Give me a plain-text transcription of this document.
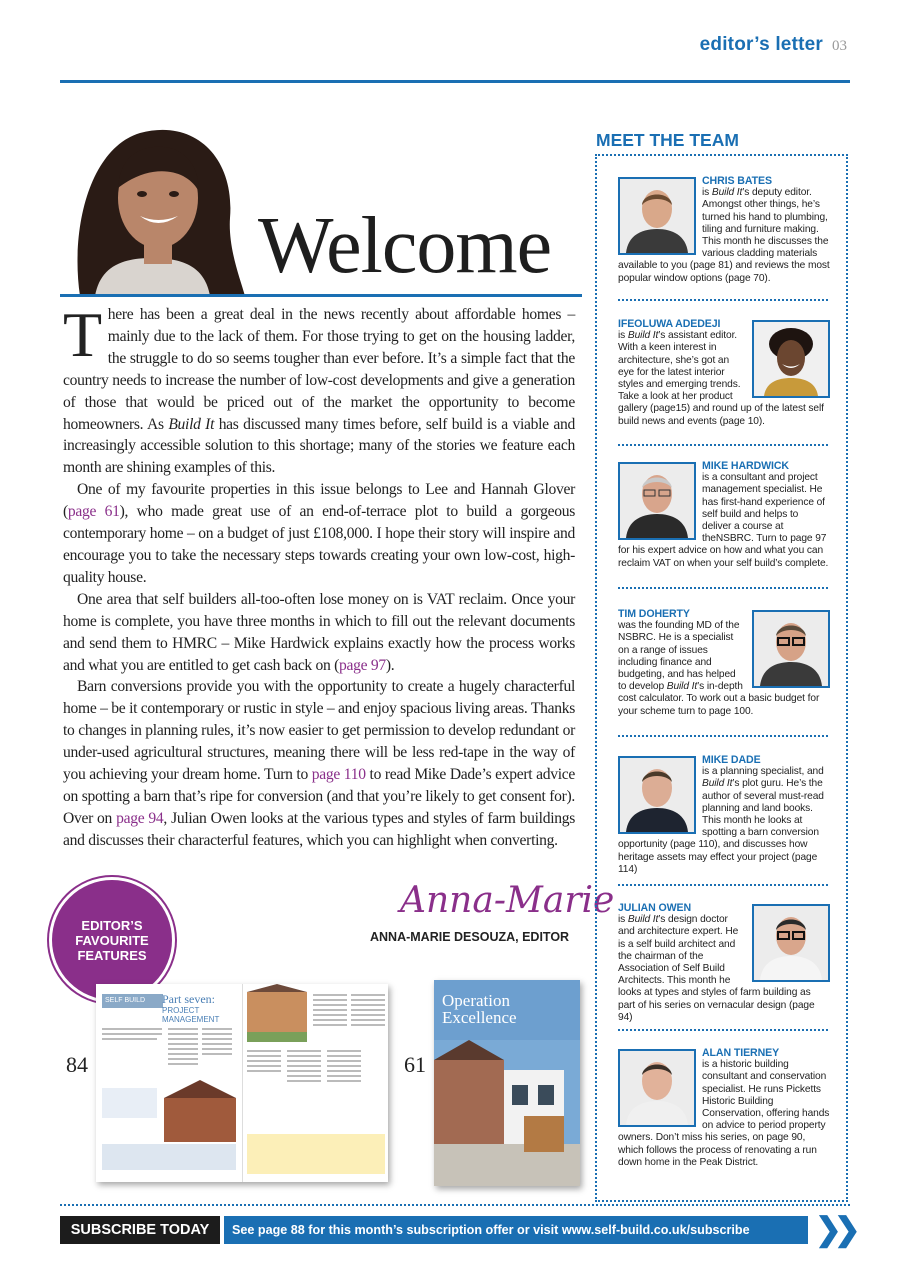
editor’s letter 03
Welcome

There has been a great deal in the news recently about affordable homes – mainly due to the lack of them. For those trying to get on the housing ladder, the struggle to do so seems tougher than ever before. It’s a simple fact that the country needs to increase the number of low-cost developments and give a generation of those that would be priced out of the market the opportunity to become homeowners. As Build It has discussed many times before, self build is a viable and increasingly accessible solution to this shortage; many of the stories we feature each month are shining examples of this.

One of my favourite properties in this issue belongs to Lee and Hannah Glover (page 61), who made great use of an end-of-terrace plot to build a gorgeous contemporary home – on a budget of just £108,000. I hope their story will inspire and encourage you to take the necessary steps towards creating your own low-cost, high-quality house.

One area that self builders all-too-often lose money on is VAT reclaim. Once your home is complete, you have three months in which to fill out the relevant documents and send them to HMRC – Mike Hardwick explains exactly how the process works and what you are entitled to get cash back on (page 97).

Barn conversions provide you with the opportunity to create a hugely characterful home – be it contemporary or rustic in style – and enjoy spacious living areas. Thanks to changes in planning rules, it’s now easier to get permission to develop redundant or under-used agricultural structures, meaning there will be less red-tape in the way of you achieving your dream home. Turn to page 110 to read Mike Dade’s expert advice on spotting a barn that’s ripe for conversion (and that you’re likely to get consent for). Over on page 94, Julian Owen looks at the various types and styles of farm buildings and discusses their characterful features, which you can highlight when converting.

Anna-Marie
ANNA-MARIE DESOUZA, EDITOR
EDITOR’S FAVOURITE FEATURES
84
SELF BUILD	Part seven:
PROJECT MANAGEMENT
61
Operation Excellence
MEET THE TEAM
CHRIS BATES
is Build It’s deputy editor. Amongst other things, he’s turned his hand to plumbing, tiling and furniture making. This month he discusses the various cladding materials available to you (page 81) and reviews the most popular window options (page 70).
IFEOLUWA ADEDEJI
is Build It’s assistant editor. With a keen interest in architecture, she’s got an eye for the latest interior styles and emerging trends. Take a look at her product gallery (page15) and round up of the latest self build news and events (page 10).
MIKE HARDWICK
is a consultant and project management specialist. He has first-hand experience of self build and helps to deliver a course at theNSBRC. Turn to page 97 for his expert advice on how and what you can reclaim VAT on when your self build’s complete.
TIM DOHERTY
was the founding MD of the NSBRC. He is a specialist on a range of issues including finance and budgeting, and has helped to develop Build It’s in-depth cost calculator. To work out a basic budget for your scheme turn to page 100.
MIKE DADE
is a planning specialist, and Build It’s plot guru. He’s the author of several must-read planning and land books. This month he looks at spotting a barn conversion opportunity (page 110), and discusses how heritage assets may effect your project (page 114)
JULIAN OWEN
is Build It’s design doctor and architecture expert. He is a self build architect and the chairman of the Association of Self Build Architects. This month he looks at types and styles of farm building as part of his series on vernacular design (page 94)
ALAN TIERNEY
is a historic building consultant and conservation specialist. He runs Picketts Historic Building Conservation, offering hands on advice to period property owners. Don’t miss his series, on page 90, which follows the process of renovating a run down home in the Peak District.
SUBSCRIBE TODAY	See page 88 for this month’s subscription offer or visit www.self-build.co.uk/subscribe	❯❯
